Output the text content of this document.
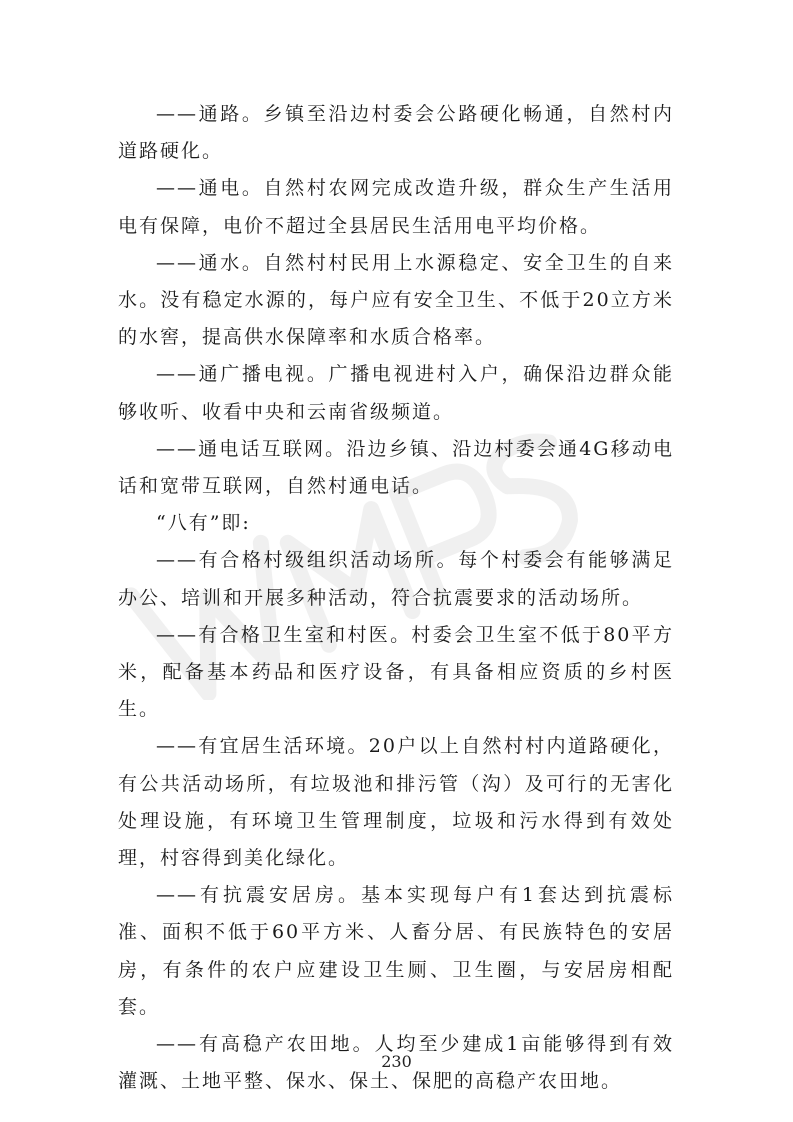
——通路。乡镇至沿边村委会公路硬化畅通，自然村内道路硬化。

——通电。自然村农网完成改造升级，群众生产生活用电有保障，电价不超过全县居民生活用电平均价格。

——通水。自然村村民用上水源稳定、安全卫生的自来水。没有稳定水源的，每户应有安全卫生、不低于20立方米的水窖，提高供水保障率和水质合格率。

——通广播电视。广播电视进村入户，确保沿边群众能够收听、收看中央和云南省级频道。

——通电话互联网。沿边乡镇、沿边村委会通4G移动电话和宽带互联网，自然村通电话。

“八有”即:

——有合格村级组织活动场所。每个村委会有能够满足办公、培训和开展多种活动，符合抗震要求的活动场所。

——有合格卫生室和村医。村委会卫生室不低于80平方米，配备基本药品和医疗设备，有具备相应资质的乡村医生。

——有宜居生活环境。20户以上自然村村内道路硬化，有公共活动场所，有垃圾池和排污管（沟）及可行的无害化处理设施，有环境卫生管理制度，垃圾和污水得到有效处理，村容得到美化绿化。

——有抗震安居房。基本实现每户有1套达到抗震标准、面积不低于60平方米、人畜分居、有民族特色的安居房，有条件的农户应建设卫生厕、卫生圈，与安居房相配套。

——有高稳产农田地。人均至少建成1亩能够得到有效灌溉、土地平整、保水、保土、保肥的高稳产农田地。

230
